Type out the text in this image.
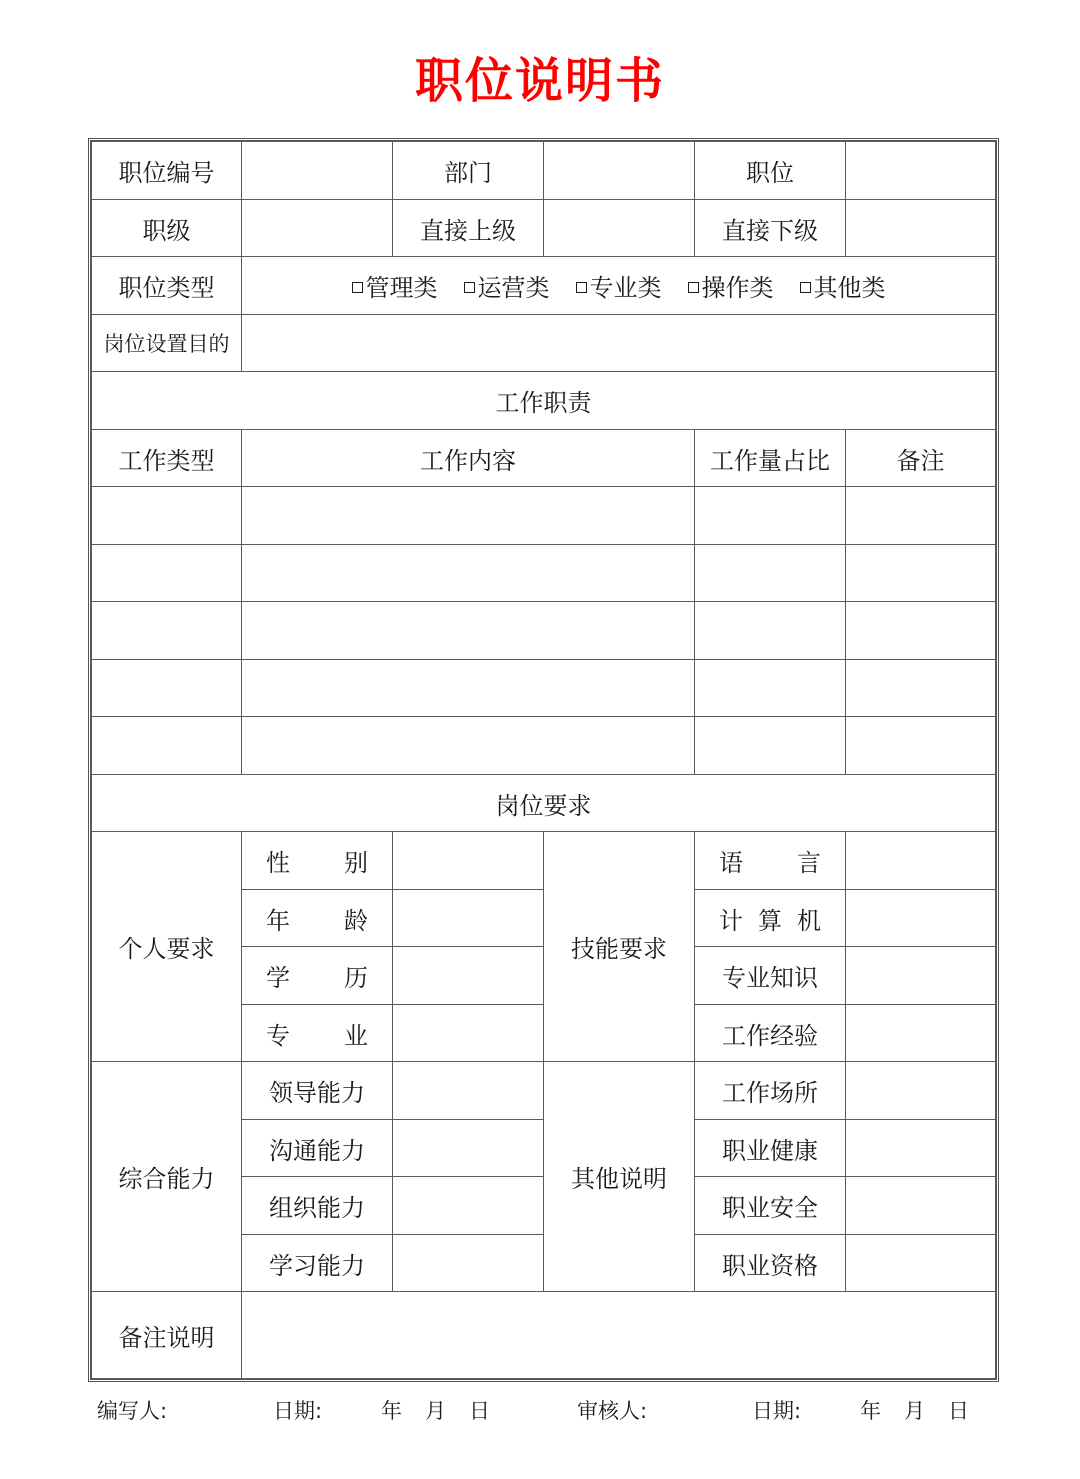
职位说明书
职位编号		部门		职位	
职级		直接上级		直接下级	
职位类型	管理类 运营类 专业类 操作类 其他类				

岗位设置目的					
工作职责					
工作类型	工作内容			工作量占比	备注

岗位要求					
个人要求	性 别		技能要求	语 言	

	年 龄			计 算 机	

	学 历			专业知识	

	专 业			工作经验	
综合能力	领导能力		其他说明	工作场所	
	沟通能力			职业健康	
	组织能力			职业安全	
	学习能力			职业资格	
备注说明					
编写人:	日期:	年 月 日	审核人:	日期:	年 月 日
